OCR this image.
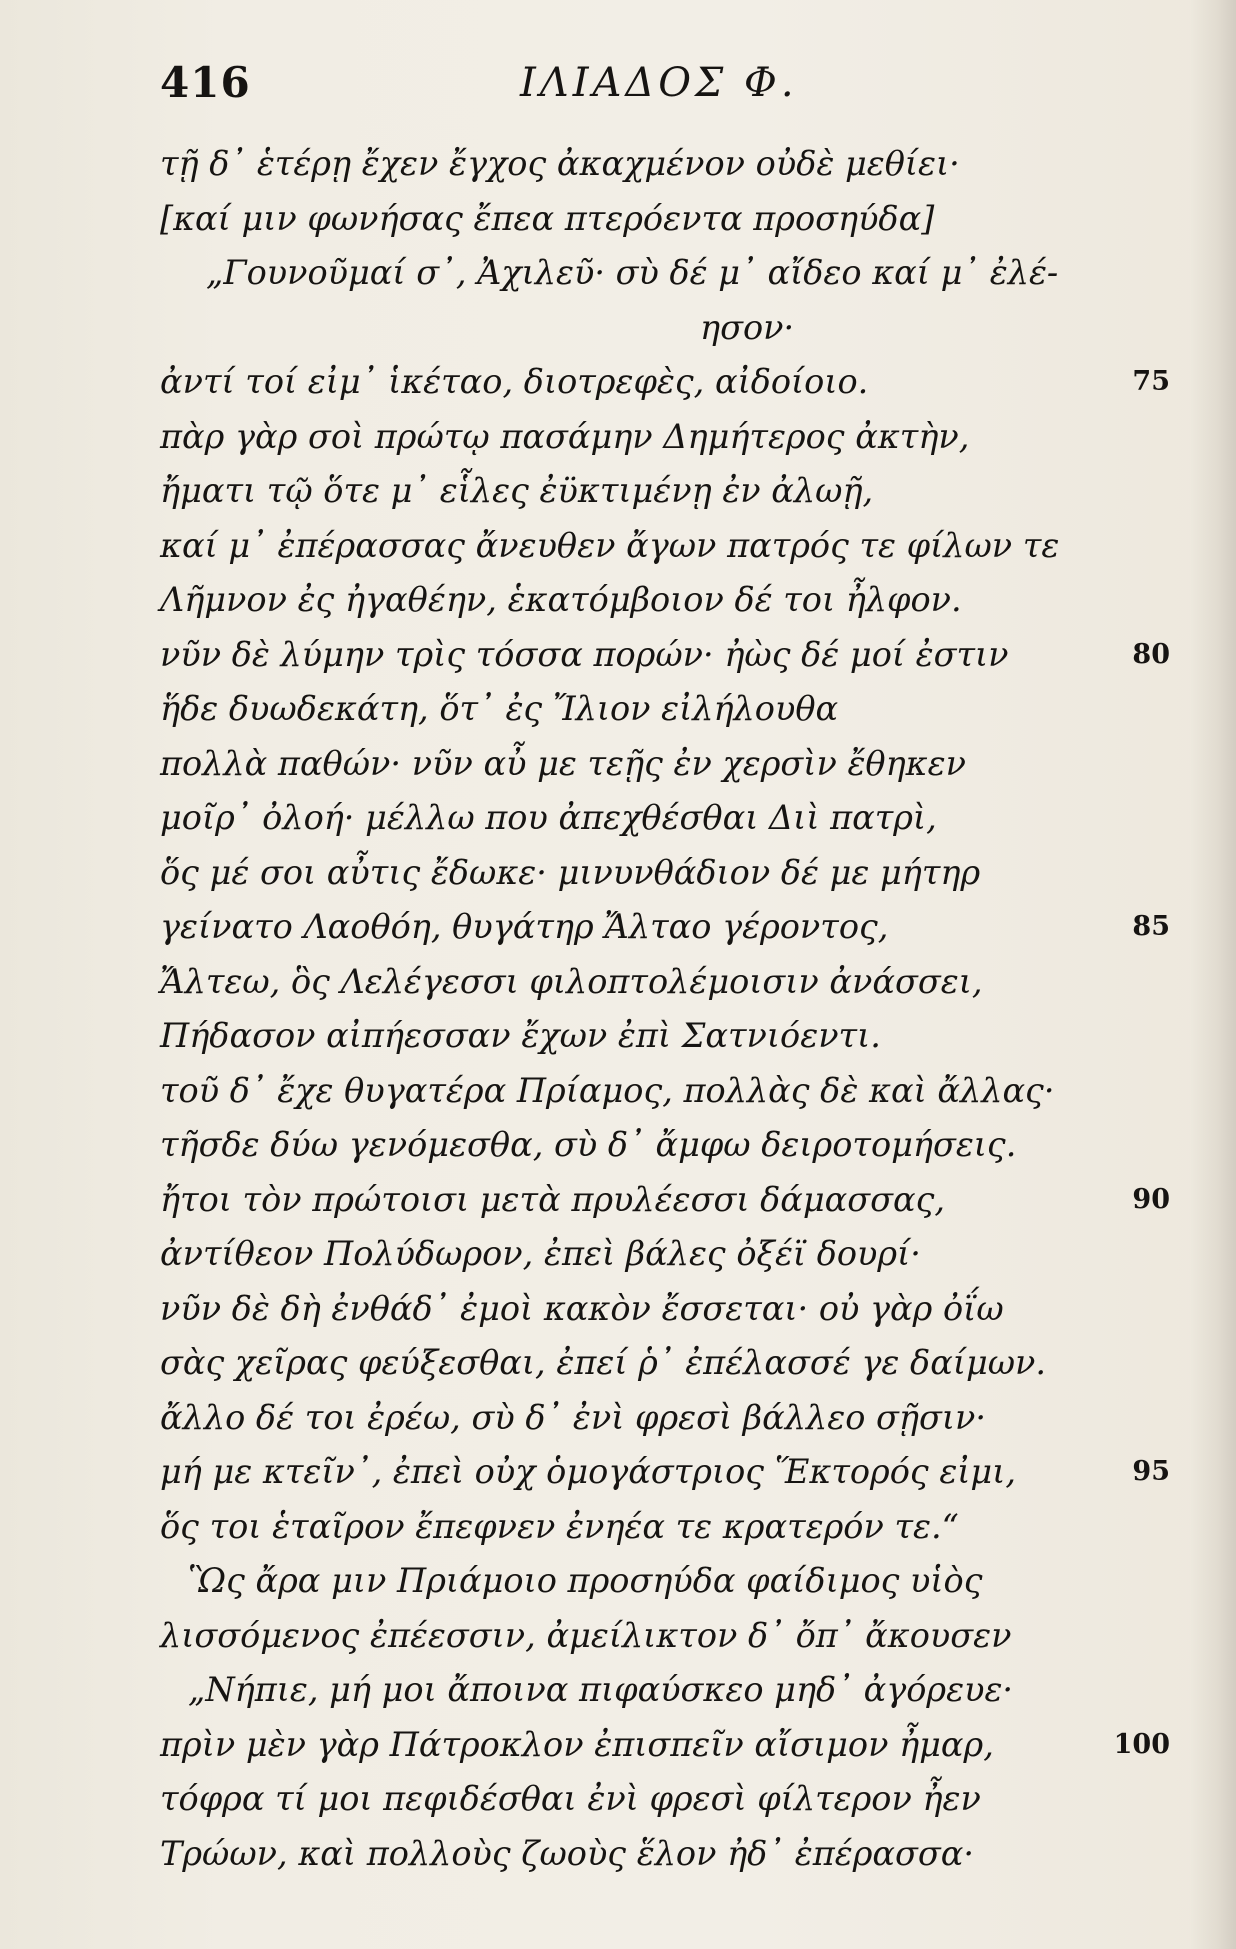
416	ΙΛΙΑΔΟΣ Φ.
τῇ δ᾽ ἑτέρῃ ἔχεν ἔγχος ἀκαχμένον οὐδὲ μεθίει·
[καί μιν φωνήσας ἔπεα πτερόεντα προσηύδα]
„Γουνοῦμαί σ᾽, Ἀχιλεῦ· σὺ δέ μ᾽ αἴδεο καί μ᾽ ἐλέ-
ησον·
ἀντί τοί εἰμ᾽ ἱκέταο, διοτρεφὲς, αἰδοίοιο.	75
πὰρ γὰρ σοὶ πρώτῳ πασάμην Δημήτερος ἀκτὴν,
ἤματι τῷ ὅτε μ᾽ εἷλες ἐϋκτιμένῃ ἐν ἀλωῇ,
καί μ᾽ ἐπέρασσας ἄνευθεν ἄγων πατρός τε φίλων τε
Λῆμνον ἐς ἠγαθέην, ἑκατόμβοιον δέ τοι ἦλφον.
νῦν δὲ λύμην τρὶς τόσσα πορών· ἠὼς δέ μοί ἐστιν	80
ἥδε δυωδεκάτη, ὅτ᾽ ἐς Ἴλιον εἰλήλουθα
πολλὰ παθών· νῦν αὖ με τεῇς ἐν χερσὶν ἔθηκεν
μοῖρ᾽ ὀλοή· μέλλω που ἀπεχθέσθαι Διὶ πατρὶ,
ὅς μέ σοι αὖτις ἔδωκε· μινυνθάδιον δέ με μήτηρ
γείνατο Λαοθόη, θυγάτηρ Ἄλταο γέροντος,	85
Ἄλτεω, ὃς Λελέγεσσι φιλοπτολέμοισιν ἀνάσσει,
Πήδασον αἰπήεσσαν ἔχων ἐπὶ Σατνιόεντι.
τοῦ δ᾽ ἔχε θυγατέρα Πρίαμος, πολλὰς δὲ καὶ ἄλλας·
τῆσδε δύω γενόμεσθα, σὺ δ᾽ ἄμφω δειροτομήσεις.
ἤτοι τὸν πρώτοισι μετὰ πρυλέεσσι δάμασσας,	90
ἀντίθεον Πολύδωρον, ἐπεὶ βάλες ὀξέϊ δουρί·
νῦν δὲ δὴ ἐνθάδ᾽ ἐμοὶ κακὸν ἔσσεται· οὐ γὰρ ὀΐω
σὰς χεῖρας φεύξεσθαι, ἐπεί ῥ᾽ ἐπέλασσέ γε δαίμων.
ἄλλο δέ τοι ἐρέω, σὺ δ᾽ ἐνὶ φρεσὶ βάλλεο σῇσιν·
μή με κτεῖν᾽, ἐπεὶ οὐχ ὁμογάστριος Ἕκτορός εἰμι,	95
ὅς τοι ἑταῖρον ἔπεφνεν ἐνηέα τε κρατερόν τε.“
Ὣς ἄρα μιν Πριάμοιο προσηύδα φαίδιμος υἱὸς
λισσόμενος ἐπέεσσιν, ἀμείλικτον δ᾽ ὄπ᾽ ἄκουσεν
„Νήπιε, μή μοι ἄποινα πιφαύσκεο μηδ᾽ ἀγόρευε·
πρὶν μὲν γὰρ Πάτροκλον ἐπισπεῖν αἴσιμον ἦμαρ,	100
τόφρα τί μοι πεφιδέσθαι ἐνὶ φρεσὶ φίλτερον ἦεν
Τρώων, καὶ πολλοὺς ζωοὺς ἕλον ἠδ᾽ ἐπέρασσα·
